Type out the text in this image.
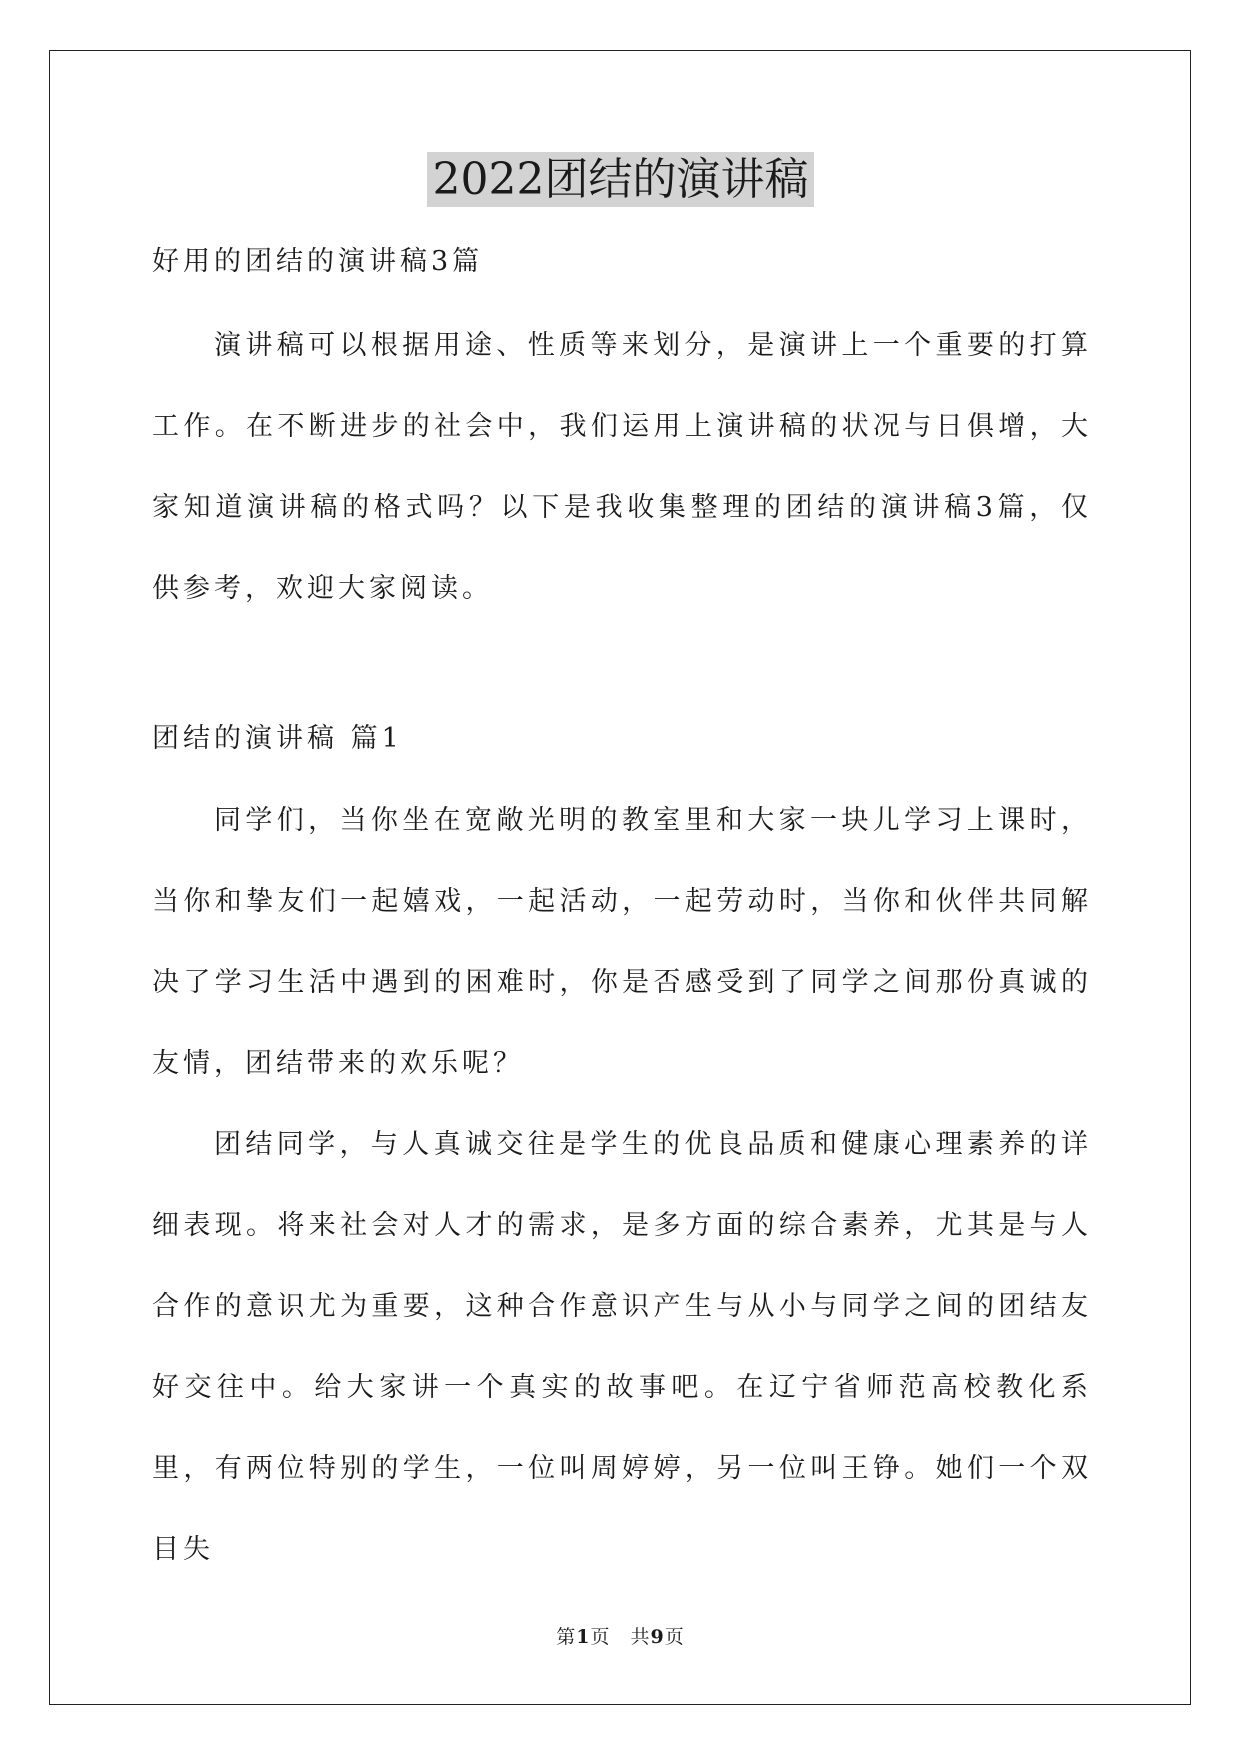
2022团结的演讲稿
好用的团结的演讲稿3篇

演讲稿可以根据用途、性质等来划分，是演讲上一个重要的打算工作。在不断进步的社会中，我们运用上演讲稿的状况与日俱增，大家知道演讲稿的格式吗？以下是我收集整理的团结的演讲稿3篇，仅供参考，欢迎大家阅读。

团结的演讲稿 篇1

同学们，当你坐在宽敞光明的教室里和大家一块儿学习上课时，当你和挚友们一起嬉戏，一起活动，一起劳动时，当你和伙伴共同解决了学习生活中遇到的困难时，你是否感受到了同学之间那份真诚的友情，团结带来的欢乐呢？

团结同学，与人真诚交往是学生的优良品质和健康心理素养的详细表现。将来社会对人才的需求，是多方面的综合素养，尤其是与人合作的意识尤为重要，这种合作意识产生与从小与同学之间的团结友好交往中。给大家讲一个真实的故事吧。在辽宁省师范高校教化系里，有两位特别的学生，一位叫周婷婷，另一位叫王铮。她们一个双目失

第1页　共9页
